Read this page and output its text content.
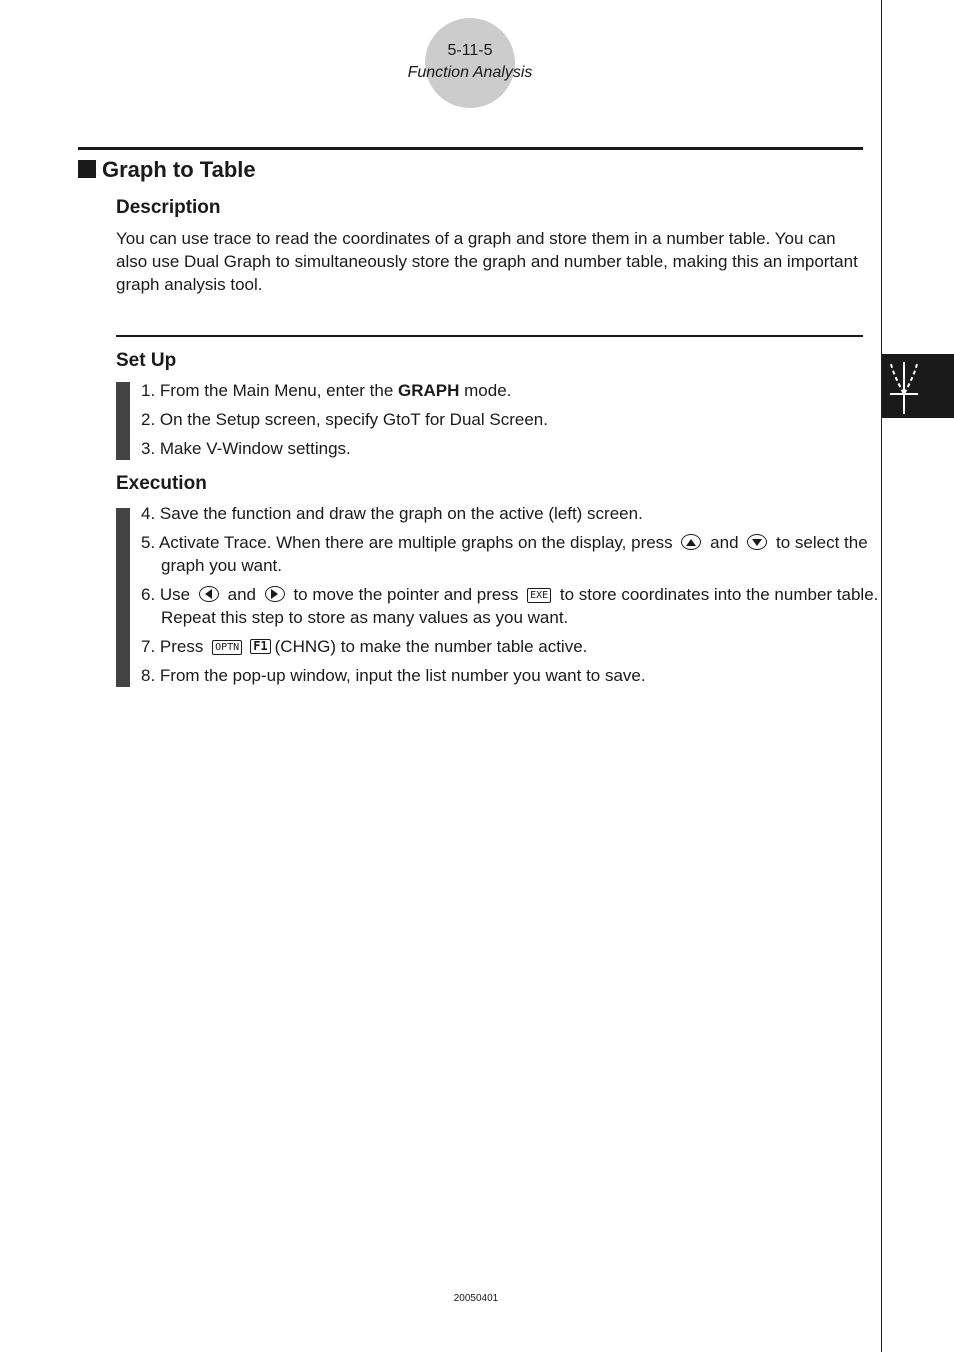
5-11-5
Function Analysis
Graph to Table
Description
You can use trace to read the coordinates of a graph and store them in a number table. You can also use Dual Graph to simultaneously store the graph and number table, making this an important graph analysis tool.
Set Up
1. From the Main Menu, enter the GRAPH mode.
2. On the Setup screen, specify GtoT for Dual Screen.
3. Make V-Window settings.
Execution
4. Save the function and draw the graph on the active (left) screen.
5. Activate Trace. When there are multiple graphs on the display, press and to select the graph you want.
6. Use and to move the pointer and press EXE to store coordinates into the number table. Repeat this step to store as many values as you want.
7. Press OPTN F1 (CHNG) to make the number table active.
8. From the pop-up window, input the list number you want to save.
20050401
